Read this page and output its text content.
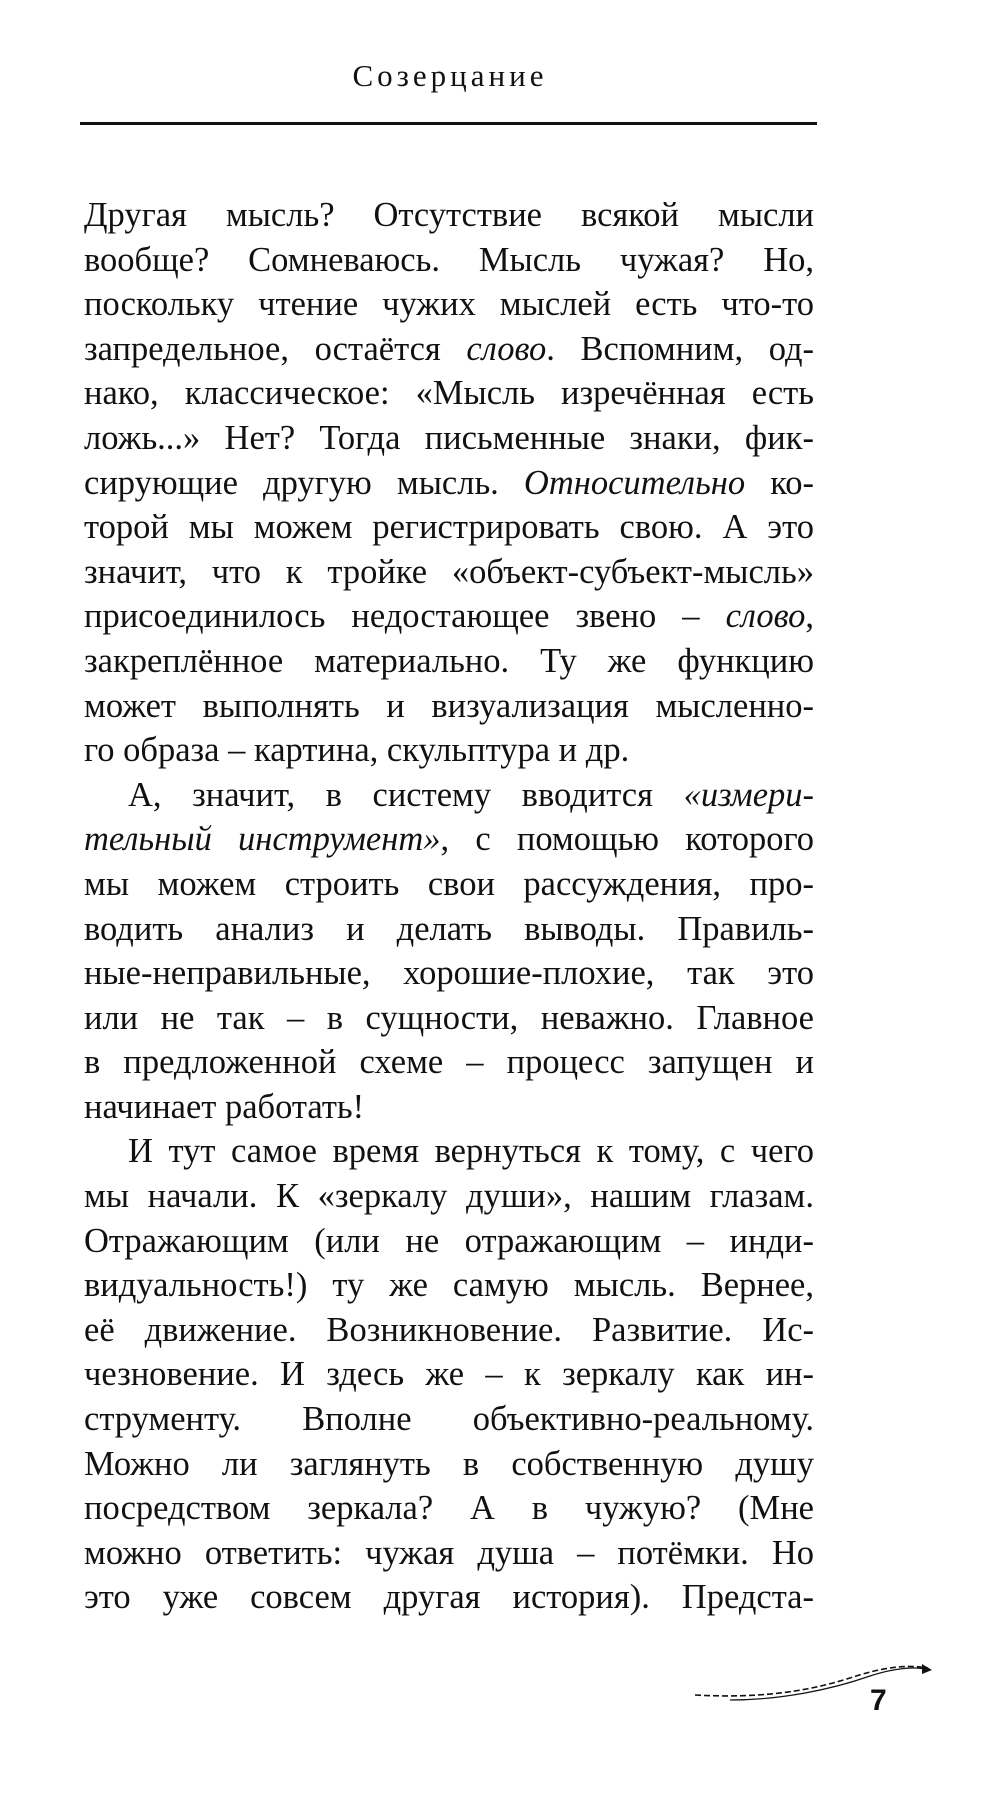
Созерцание

Другая мысль? Отсутствие всякой мысли
вообще? Сомневаюсь. Мысль чужая? Но,
поскольку чтение чужих мыслей есть что-то
запредельное, остаётся слово. Вспомним, од-
нако, классическое: «Мысль изречённая есть
ложь...» Нет? Тогда письменные знаки, фик-
сирующие другую мысль. Относительно ко-
торой мы можем регистрировать свою. А это
значит, что к тройке «объект-субъект-мысль»
присоединилось недостающее звено – слово,
закреплённое материально. Ту же функцию
может выполнять и визуализация мысленно-
го образа – картина, скульптура и др.

А, значит, в систему вводится «измери-
тельный инструмент», с помощью которого
мы можем строить свои рассуждения, про-
водить анализ и делать выводы. Правиль-
ные-неправильные, хорошие-плохие, так это
или не так – в сущности, неважно. Главное
в предложенной схеме – процесс запущен и
начинает работать!

И тут самое время вернуться к тому, с чего
мы начали. К «зеркалу души», нашим глазам.
Отражающим (или не отражающим – инди-
видуальность!) ту же самую мысль. Вернее,
её движение. Возникновение. Развитие. Ис-
чезновение. И здесь же – к зеркалу как ин-
струменту. Вполне объективно-реальному.
Можно ли заглянуть в собственную душу
посредством зеркала? А в чужую? (Мне
можно ответить: чужая душа – потёмки. Но
это уже совсем другая история). Предста-

7
